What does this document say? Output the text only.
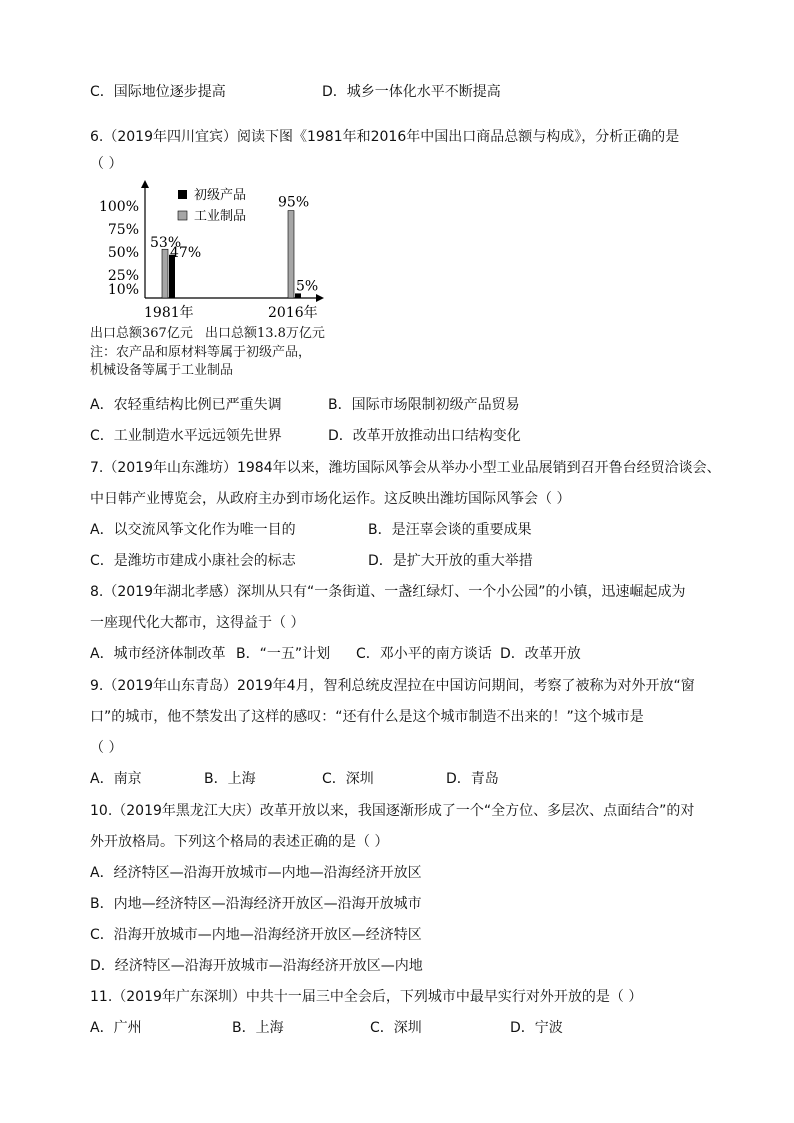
C．国际地位逐步提高	D．城乡一体化水平不断提高
6.（2019年四川宜宾）阅读下图《1981年和2016年中国出口商品总额与构成》，分析正确的是
（ ）
10%
25%
50%
75%
100%
53%
47%
95%
5%
1981年	2016年
初级产品
工业制品
出口总额367亿元 出口总额13.8万亿元
注：农产品和原材料等属于初级产品，
机械设备等属于工业制品
A．农轻重结构比例已严重失调	B．国际市场限制初级产品贸易
C．工业制造水平远远领先世界	D．改革开放推动出口结构变化
7.（2019年山东潍坊）1984年以来，潍坊国际风筝会从举办小型工业品展销到召开鲁台经贸洽谈会、
中日韩产业博览会，从政府主办到市场化运作。这反映出潍坊国际风筝会（ ）
A．以交流风筝文化作为唯一目的	B．是汪辜会谈的重要成果
C．是潍坊市建成小康社会的标志	D．是扩大开放的重大举措
8.（2019年湖北孝感）深圳从只有“一条街道、一盏红绿灯、一个小公园”的小镇，迅速崛起成为
一座现代化大都市，这得益于（ ）
A．城市经济体制改革 B．“一五”计划 C．邓小平的南方谈话 D．改革开放
9.（2019年山东青岛）2019年4月，智利总统皮涅拉在中国访问期间，考察了被称为对外开放“窗
口”的城市，他不禁发出了这样的感叹：“还有什么是这个城市制造不出来的！”这个城市是
（ ）
A．南京	B．上海	C．深圳	D．青岛
10.（2019年黑龙江大庆）改革开放以来，我国逐渐形成了一个“全方位、多层次、点面结合”的对
外开放格局。下列这个格局的表述正确的是（ ）
A．经济特区—沿海开放城市—内地—沿海经济开放区
B．内地—经济特区—沿海经济开放区—沿海开放城市
C．沿海开放城市—内地—沿海经济开放区—经济特区
D．经济特区—沿海开放城市—沿海经济开放区—内地
11.（2019年广东深圳）中共十一届三中全会后，下列城市中最早实行对外开放的是（ ）
A．广州	B．上海	C．深圳	D．宁波
